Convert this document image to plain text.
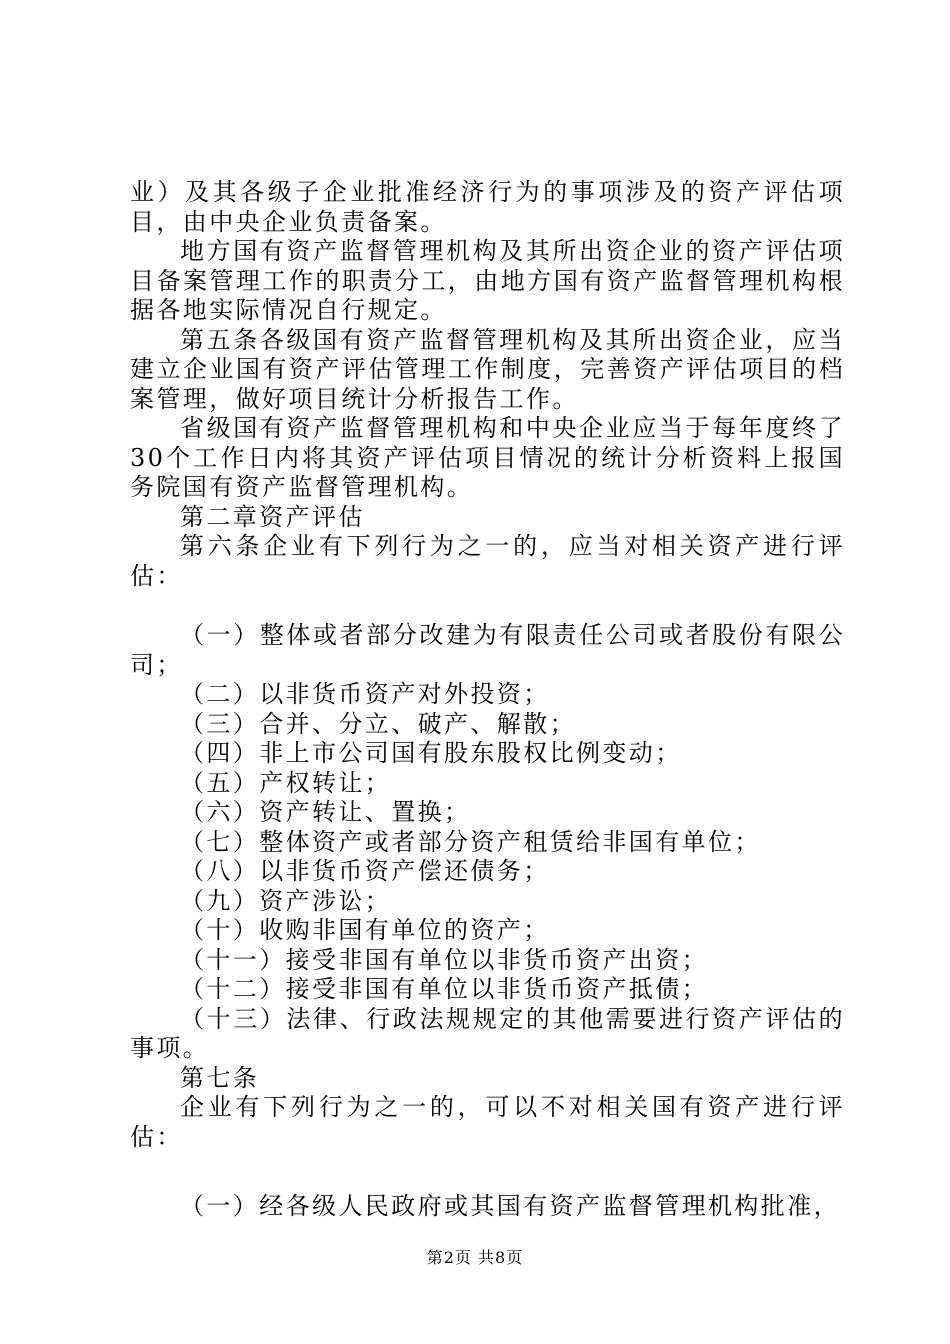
业）及其各级子企业批准经济行为的事项涉及的资产评估项目，由中央企业负责备案。

地方国有资产监督管理机构及其所出资企业的资产评估项目备案管理工作的职责分工，由地方国有资产监督管理机构根据各地实际情况自行规定。

第五条各级国有资产监督管理机构及其所出资企业，应当建立企业国有资产评估管理工作制度，完善资产评估项目的档案管理，做好项目统计分析报告工作。

省级国有资产监督管理机构和中央企业应当于每年度终了30个工作日内将其资产评估项目情况的统计分析资料上报国务院国有资产监督管理机构。

第二章资产评估

第六条企业有下列行为之一的，应当对相关资产进行评估：

（一）整体或者部分改建为有限责任公司或者股份有限公司；

（二）以非货币资产对外投资；

（三）合并、分立、破产、解散；

（四）非上市公司国有股东股权比例变动；

（五）产权转让；

（六）资产转让、置换；

（七）整体资产或者部分资产租赁给非国有单位；

（八）以非货币资产偿还债务；

（九）资产涉讼；

（十）收购非国有单位的资产；

（十一）接受非国有单位以非货币资产出资；

（十二）接受非国有单位以非货币资产抵债；

（十三）法律、行政法规规定的其他需要进行资产评估的事项。

第七条

企业有下列行为之一的，可以不对相关国有资产进行评估：

（一）经各级人民政府或其国有资产监督管理机构批准，

第2页 共8页
